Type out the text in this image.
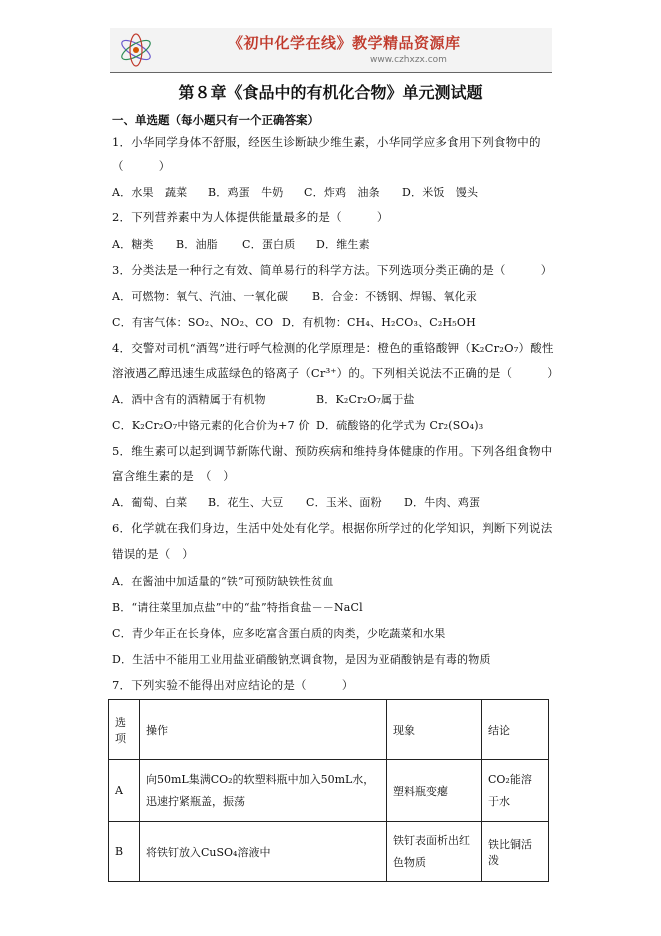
《初中化学在线》教学精品资源库
www.czhxzx.com
第８章《食品中的有机化合物》单元测试题
一、单选题（每小题只有一个正确答案）
1．小华同学身体不舒服，经医生诊断缺少维生素，小华同学应多食用下列食物中的
（　　　）
A．水果　蔬菜 B．鸡蛋　牛奶 C．炸鸡　油条 D．米饭　馒头
2．下列营养素中为人体提供能量最多的是（　　　）
A．糖类 B．油脂 C．蛋白质 D．维生素
3．分类法是一种行之有效、简单易行的科学方法。下列选项分类正确的是（　　　）
A．可燃物：氧气、汽油、一氧化碳 B．合金：不锈钢、焊锡、氧化汞
C．有害气体：SO₂、NO₂、CO D．有机物：CH₄、H₂CO₃、C₂H₅OH
4．交警对司机“酒驾”进行呼气检测的化学原理是：橙色的重铬酸钾（K₂Cr₂O₇）酸性
溶液遇乙醇迅速生成蓝绿色的铬离子（Cr³⁺）的。下列相关说法不正确的是（　　　）
A．酒中含有的酒精属于有机物	B．K₂Cr₂O₇属于盐
C．K₂Cr₂O₇中铬元素的化合价为+7 价 D．硫酸铬的化学式为 Cr₂(SO₄)₃
5．维生素可以起到调节新陈代谢、预防疾病和维持身体健康的作用。下列各组食物中
富含维生素的是　（　）
A．葡萄、白菜 B．花生、大豆 C．玉米、面粉 D．牛肉、鸡蛋
6．化学就在我们身边，生活中处处有化学。根据你所学过的化学知识，判断下列说法
错误的是（　）
A．在酱油中加适量的“铁”可预防缺铁性贫血
B．“请往菜里加点盐”中的“盐”特指食盐－－NaCl
C．青少年正在长身体，应多吃富含蛋白质的肉类，少吃蔬菜和水果
D．生活中不能用工业用盐亚硝酸钠烹调食物，是因为亚硝酸钠是有毒的物质
7．下列实验不能得出对应结论的是（　　　）
选项	操作	现象	结论
A	向50mL集满CO₂的软塑料瓶中加入50mL水，迅速拧紧瓶盖，振荡	塑料瓶变瘪	CO₂能溶于水
B	将铁钉放入CuSO₄溶液中	铁钉表面析出红色物质	铁比铜活泼
